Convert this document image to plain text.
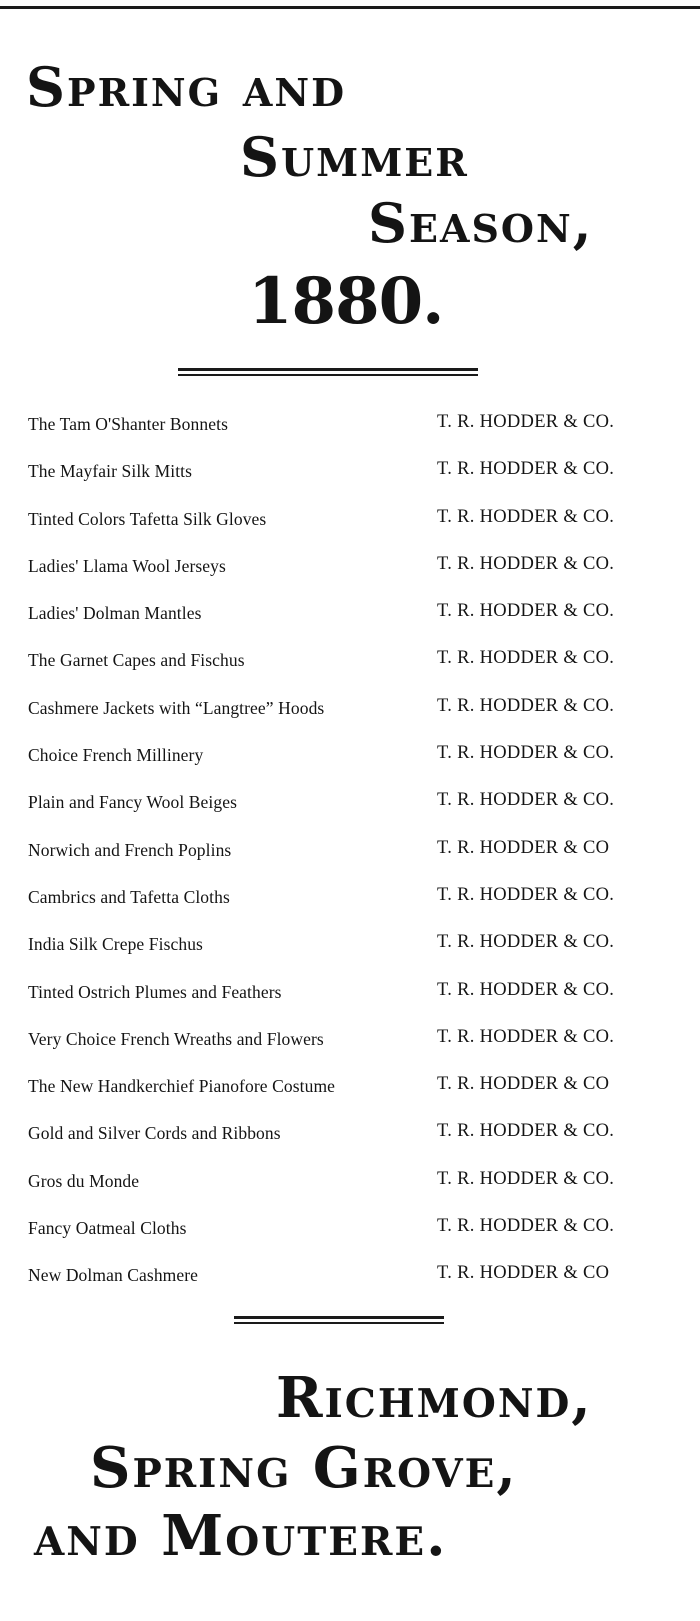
Spring and
Summer
Season,
1880.
The Tam O'Shanter Bonnets	T. R. HODDER & CO.
The Mayfair Silk Mitts	T. R. HODDER & CO.
Tinted Colors Tafetta Silk Gloves	T. R. HODDER & CO.
Ladies' Llama Wool Jerseys	T. R. HODDER & CO.
Ladies' Dolman Mantles	T. R. HODDER & CO.
The Garnet Capes and Fischus	T. R. HODDER & CO.
Cashmere Jackets with “Langtree” Hoods	T. R. HODDER & CO.
Choice French Millinery	T. R. HODDER & CO.
Plain and Fancy Wool Beiges	T. R. HODDER & CO.
Norwich and French Poplins	T. R. HODDER & CO
Cambrics and Tafetta Cloths	T. R. HODDER & CO.
India Silk Crepe Fischus	T. R. HODDER & CO.
Tinted Ostrich Plumes and Feathers	T. R. HODDER & CO.
Very Choice French Wreaths and Flowers	T. R. HODDER & CO.
The New Handkerchief Pianofore Costume	T. R. HODDER & CO
Gold and Silver Cords and Ribbons	T. R. HODDER & CO.
Gros du Monde	T. R. HODDER & CO.
Fancy Oatmeal Cloths	T. R. HODDER & CO.
New Dolman Cashmere	T. R. HODDER & CO
Richmond,
Spring Grove,
and Moutere.
